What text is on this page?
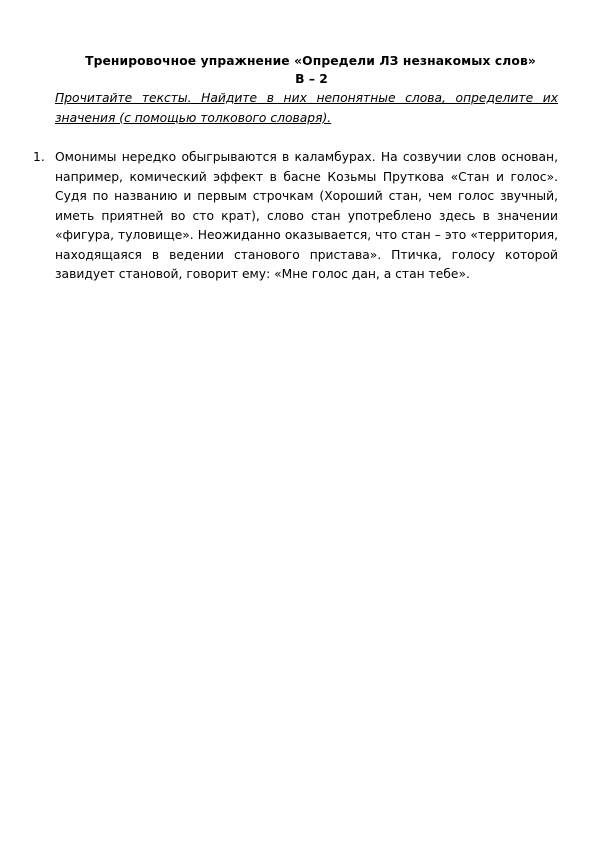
Тренировочное упражнение «Определи ЛЗ незнакомых слов»
В – 2

Прочитайте тексты. Найдите в них непонятные слова, определите их значения (с помощью толкового словаря).

1. Омонимы нередко обыгрываются в каламбурах. На созвучии слов основан, например, комический эффект в басне Козьмы Пруткова «Стан и голос». Судя по названию и первым строчкам (Хороший стан, чем голос звучный, иметь приятней во сто крат), слово стан употреблено здесь в значении «фигура, туловище». Неожиданно оказывается, что стан – это «территория, находящаяся в ведении станового пристава». Птичка, голосу которой завидует становой, говорит ему: «Мне голос дан, а стан тебе».
